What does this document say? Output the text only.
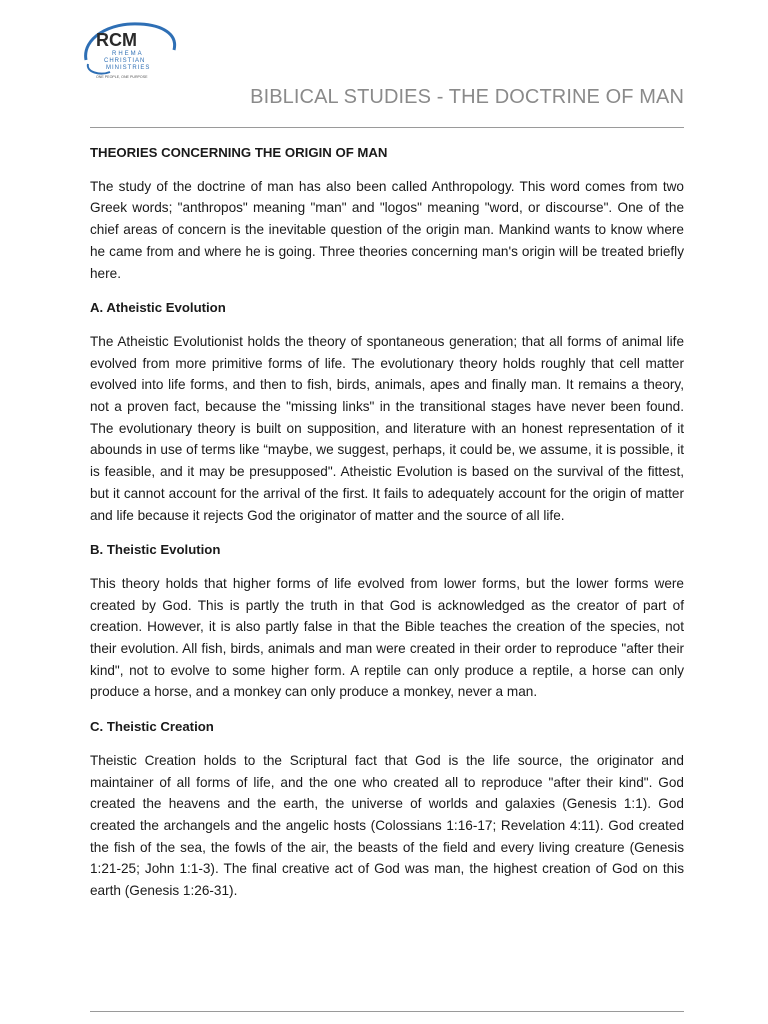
RCM
RHEMA
CHRISTIAN
MINISTRIES
ONE PEOPLE, ONE PURPOSE
BIBLICAL STUDIES - THE DOCTRINE OF MAN

THEORIES CONCERNING THE ORIGIN OF MAN

The study of the doctrine of man has also been called Anthropology. This word comes from two Greek words; "anthropos" meaning "man" and "logos" meaning "word, or discourse". One of the chief areas of concern is the inevitable question of the origin man. Mankind wants to know where he came from and where he is going. Three theories concerning man's origin will be treated briefly here.

A. Atheistic Evolution

The Atheistic Evolutionist holds the theory of spontaneous generation; that all forms of animal life evolved from more primitive forms of life. The evolutionary theory holds roughly that cell matter evolved into life forms, and then to fish, birds, animals, apes and finally man. It remains a theory, not a proven fact, because the "missing links" in the transitional stages have never been found. The evolutionary theory is built on supposition, and literature with an honest representation of it abounds in use of terms like “maybe, we suggest, perhaps, it could be, we assume, it is possible, it is feasible, and it may be presupposed". Atheistic Evolution is based on the survival of the fittest, but it cannot account for the arrival of the first. It fails to adequately account for the origin of matter and life because it rejects God the originator of matter and the source of all life.

B. Theistic Evolution

This theory holds that higher forms of life evolved from lower forms, but the lower forms were created by God. This is partly the truth in that God is acknowledged as the creator of part of creation. However, it is also partly false in that the Bible teaches the creation of the species, not their evolution. All fish, birds, animals and man were created in their order to reproduce "after their kind", not to evolve to some higher form. A reptile can only produce a reptile, a horse can only produce a horse, and a monkey can only produce a monkey, never a man.

C. Theistic Creation

Theistic Creation holds to the Scriptural fact that God is the life source, the originator and maintainer of all forms of life, and the one who created all to reproduce "after their kind". God created the heavens and the earth, the universe of worlds and galaxies (Genesis 1:1). God created the archangels and the angelic hosts (Colossians 1:16-17; Revelation 4:11). God created the fish of the sea, the fowls of the air, the beasts of the field and every living creature (Genesis 1:21-25; John 1:1-3). The final creative act of God was man, the highest creation of God on this earth (Genesis 1:26-31).
